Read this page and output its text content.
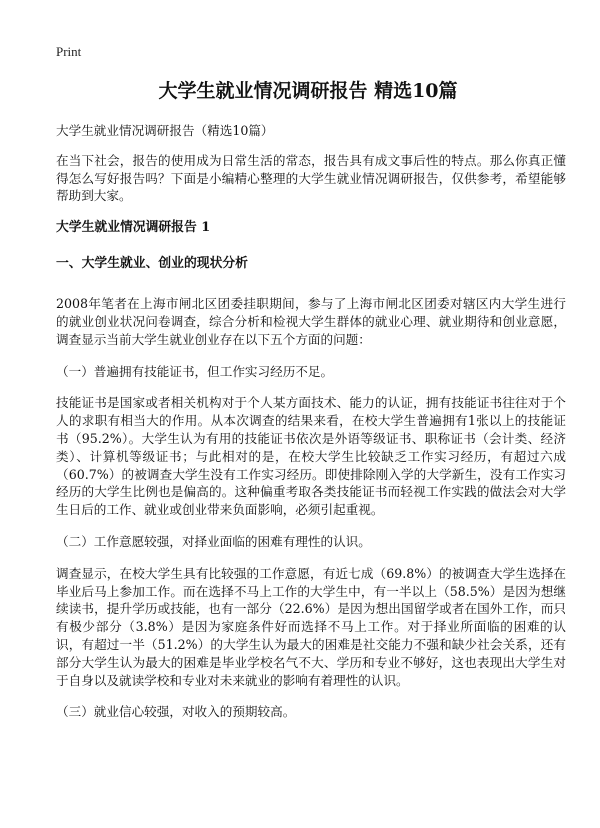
Print
大学生就业情况调研报告 精选10篇

大学生就业情况调研报告（精选10篇）

在当下社会，报告的使用成为日常生活的常态，报告具有成文事后性的特点。那么你真正懂得怎么写好报告吗？下面是小编精心整理的大学生就业情况调研报告，仅供参考，希望能够帮助到大家。

大学生就业情况调研报告 1
一、大学生就业、创业的现状分析

2008年笔者在上海市闸北区团委挂职期间，参与了上海市闸北区团委对辖区内大学生进行的就业创业状况问卷调查，综合分析和检视大学生群体的就业心理、就业期待和创业意愿，调查显示当前大学生就业创业存在以下五个方面的问题：

（一）普遍拥有技能证书，但工作实习经历不足。

技能证书是国家或者相关机构对于个人某方面技术、能力的认证，拥有技能证书往往对于个人的求职有相当大的作用。从本次调查的结果来看，在校大学生普遍拥有1张以上的技能证书（95.2%）。大学生认为有用的技能证书依次是外语等级证书、职称证书（会计类、经济类）、计算机等级证书；与此相对的是，在校大学生比较缺乏工作实习经历，有超过六成（60.7%）的被调查大学生没有工作实习经历。即使排除刚入学的大学新生，没有工作实习经历的大学生比例也是偏高的。这种偏重考取各类技能证书而轻视工作实践的做法会对大学生日后的工作、就业或创业带来负面影响，必须引起重视。

（二）工作意愿较强，对择业面临的困难有理性的认识。

调查显示，在校大学生具有比较强的工作意愿，有近七成（69.8%）的被调查大学生选择在毕业后马上参加工作。而在选择不马上工作的大学生中，有一半以上（58.5%）是因为想继续读书，提升学历或技能，也有一部分（22.6%）是因为想出国留学或者在国外工作，而只有极少部分（3.8%）是因为家庭条件好而选择不马上工作。对于择业所面临的困难的认识，有超过一半（51.2%）的大学生认为最大的困难是社交能力不强和缺少社会关系，还有部分大学生认为最大的困难是毕业学校名气不大、学历和专业不够好，这也表现出大学生对于自身以及就读学校和专业对未来就业的影响有着理性的认识。

（三）就业信心较强，对收入的预期较高。
